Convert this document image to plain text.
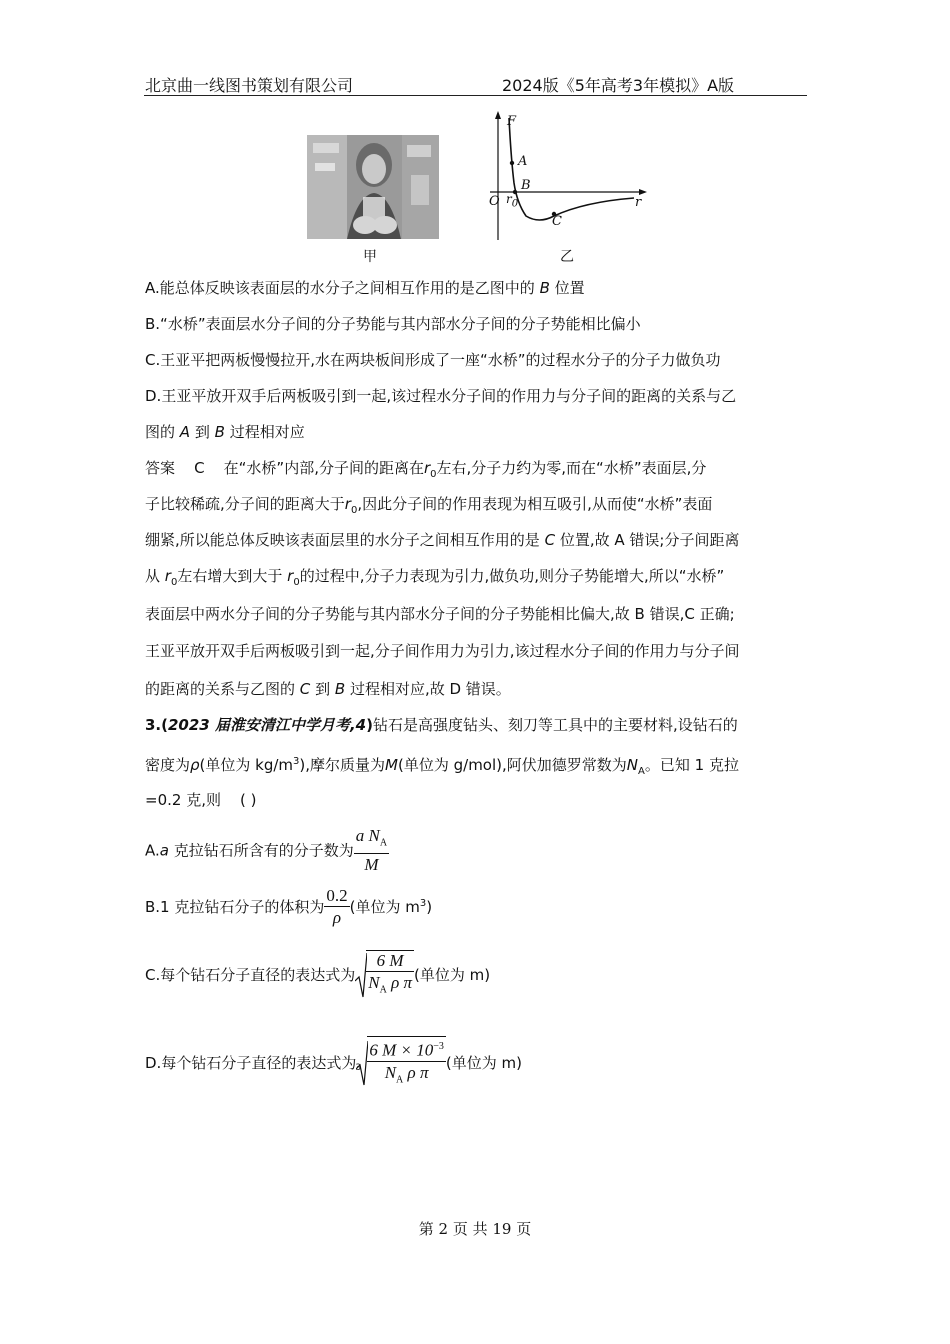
北京曲一线图书策划有限公司	2024版《5年高考3年模拟》A版
甲
F
A
B
O $r_0$
C
r
乙
A.能总体反映该表面层的水分子之间相互作用的是乙图中的 B 位置
B.“水桥”表面层水分子间的分子势能与其内部水分子间的分子势能相比偏小
C.王亚平把两板慢慢拉开,水在两块板间形成了一座“水桥”的过程水分子的分子力做负功
D.王亚平放开双手后两板吸引到一起,该过程水分子间的作用力与分子间的距离的关系与乙
图的 A 到 B 过程相对应
答案 C 在“水桥”内部,分子间的距离在$r_0$左右,分子力约为零,而在“水桥”表面层,分
子比较稀疏,分子间的距离大于$r_0$,因此分子间的作用表现为相互吸引,从而使“水桥”表面
绷紧,所以能总体反映该表面层里的水分子之间相互作用的是 C 位置,故 A 错误;分子间距离
从 $r_0$左右增大到大于 $r_0$的过程中,分子力表现为引力,做负功,则分子势能增大,所以“水桥”
表面层中两水分子间的分子势能与其内部水分子间的分子势能相比偏大,故 B 错误,C 正确;
王亚平放开双手后两板吸引到一起,分子间作用力为引力,该过程水分子间的作用力与分子间
的距离的关系与乙图的 C 到 B 过程相对应,故 D 错误。
3.(2023 届淮安清江中学月考,4)钻石是高强度钻头、刻刀等工具中的主要材料,设钻石的
密度为ρ(单位为 $kg/m^3$),摩尔质量为M(单位为 g/mol),阿伏加德罗常数为$N_A$。已知 1 克拉
=0.2 克,则 ( )
A.a 克拉钻石所含有的分子数为 $\frac{a N_A}{M}$
B.1 克拉钻石分子的体积为 $\frac{0.2}{\rho}$ (单位为 $m^3$)
C.每个钻石分子直径的表达式为 $\frac{6 M}{N_A \rho \pi}$ (单位为 m)
D.每个钻石分子直径的表达式为 $3 \frac{6 M \times 10^{-3}}{N_A \rho \pi}$ (单位为 m)
第 2 页 共 19 页
